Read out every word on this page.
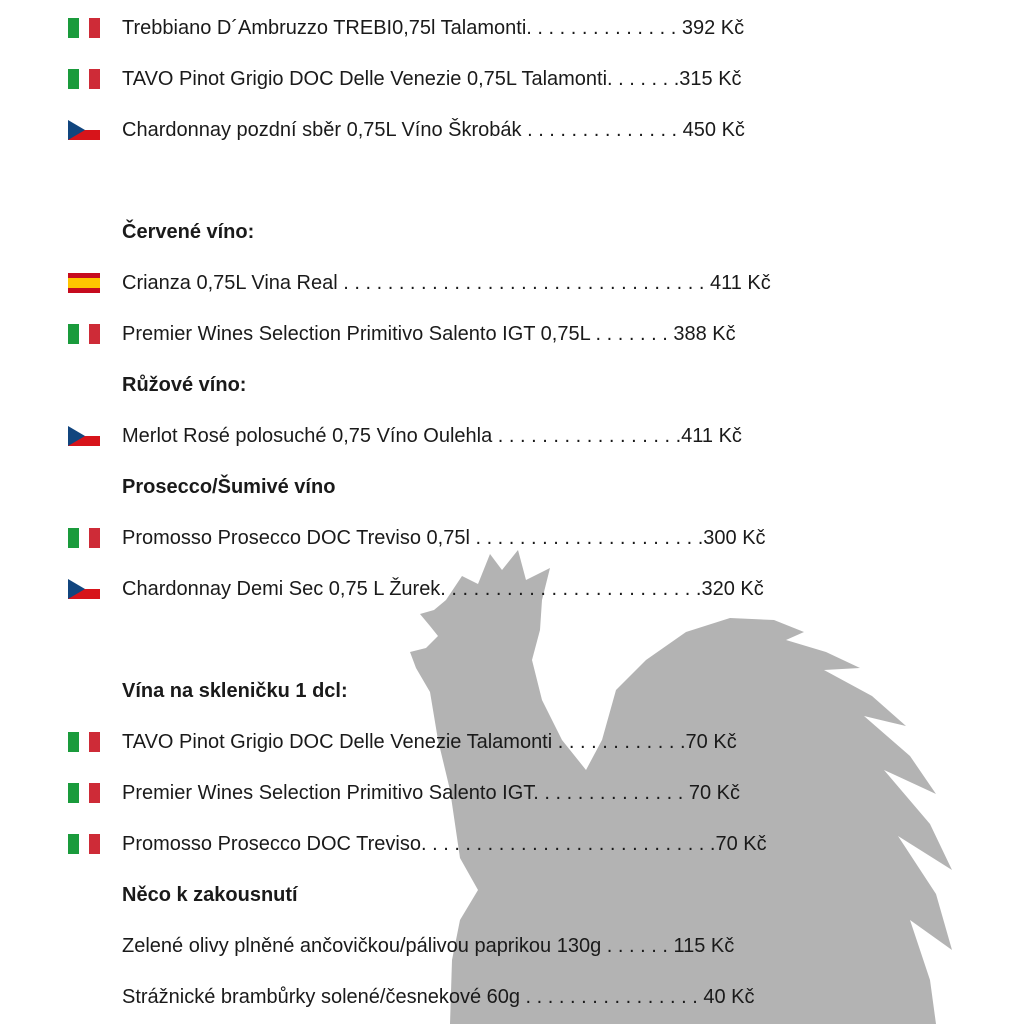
Trebbiano D´Ambruzzo TREBI0,75l Talamonti. . . . . . . . . . . . . . 392 Kč
TAVO Pinot Grigio DOC Delle Venezie 0,75L Talamonti. . . . . . .315 Kč
Chardonnay pozdní sběr 0,75L Víno Škrobák . . . . . . . . . . . . . . 450 Kč
Červené víno:
Crianza 0,75L Vina Real . . . . . . . . . . . . . . . . . . . . . . . . . . . . . . . . . 411 Kč
Premier Wines Selection Primitivo Salento IGT 0,75L . . . . . . . 388 Kč
Růžové víno:
Merlot Rosé polosuché 0,75 Víno Oulehla . . . . . . . . . . . . . . . . .411 Kč
Prosecco/Šumivé víno
Promosso Prosecco DOC Treviso 0,75l . . . . . . . . . . . . . . . . . . . . .300 Kč
Chardonnay Demi Sec 0,75 L Žurek. . . . . . . . . . . . . . . . . . . . . . . .320 Kč
Vína na skleničku 1 dcl:
TAVO Pinot Grigio DOC Delle Venezie Talamonti . . . . . . . . . . . .70 Kč
Premier Wines Selection Primitivo Salento IGT. . . . . . . . . . . . . . 70 Kč
Promosso Prosecco DOC Treviso. . . . . . . . . . . . . . . . . . . . . . . . . . .70 Kč
Něco k zakousnutí
Zelené olivy plněné ančovičkou/pálivou paprikou 130g . . . . . . 115 Kč
Strážnické brambůrky solené/česnekové 60g . . . . . . . . . . . . . . . . 40 Kč
